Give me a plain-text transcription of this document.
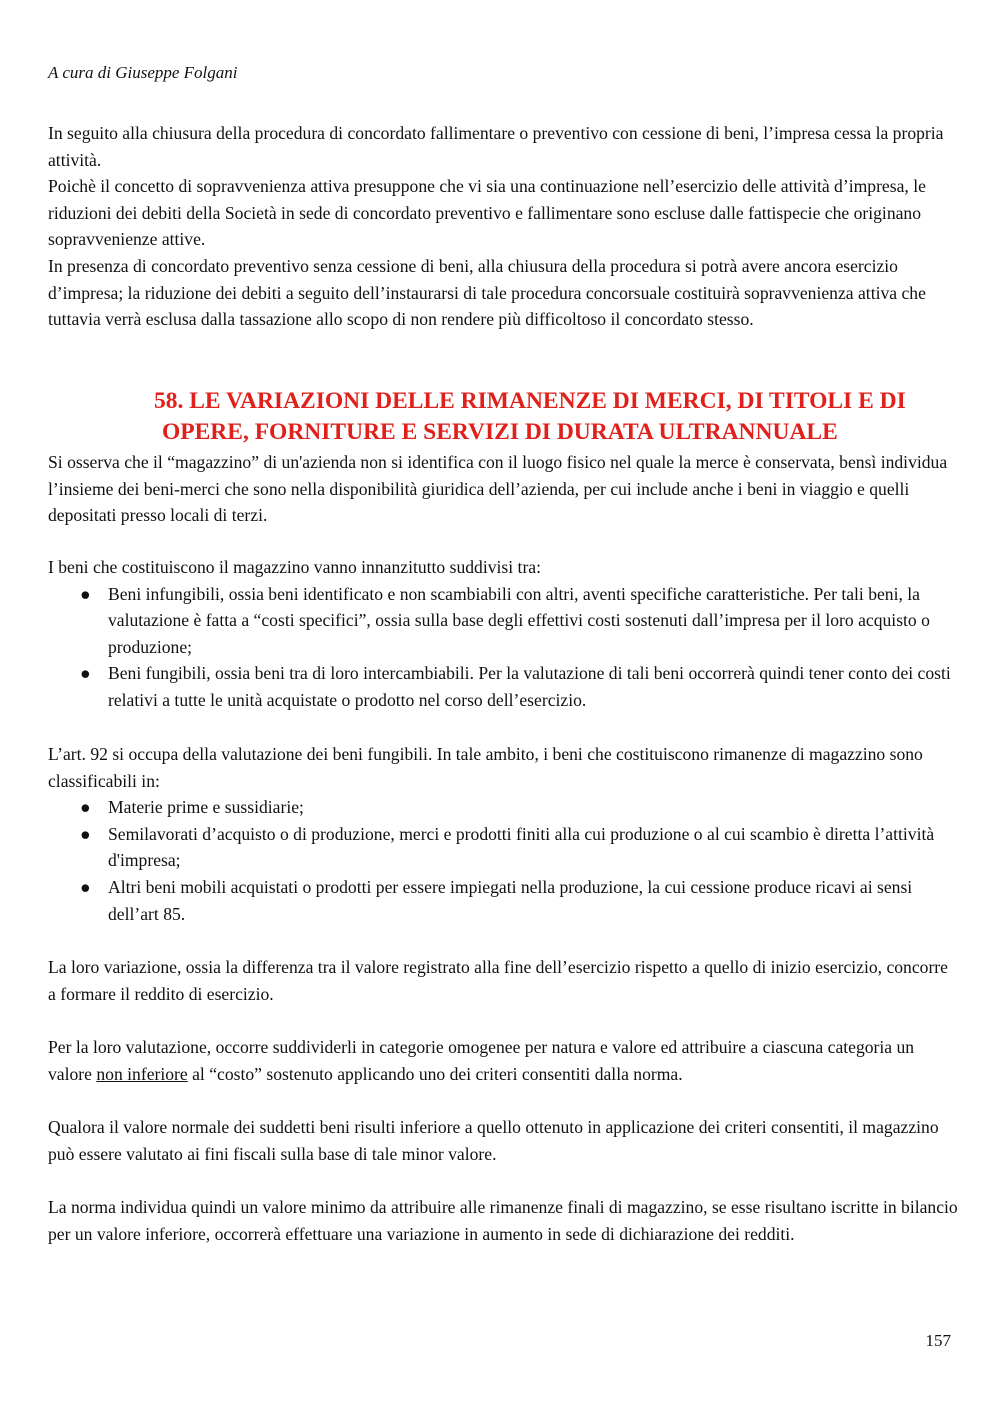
A cura di Giuseppe Folgani

In seguito alla chiusura della procedura di concordato fallimentare o preventivo con cessione di beni, l’impresa cessa la propria attività.

Poichè il concetto di sopravvenienza attiva presuppone che vi sia una continuazione nell’esercizio delle attività d’impresa, le riduzioni dei debiti della Società in sede di concordato preventivo e fallimentare sono escluse dalle fattispecie che originano sopravvenienze attive.

In presenza di concordato preventivo senza cessione di beni, alla chiusura della procedura si potrà avere ancora esercizio d’impresa; la riduzione dei debiti a seguito dell’instaurarsi di tale procedura concorsuale costituirà sopravvenienza attiva che tuttavia verrà esclusa dalla tassazione allo scopo di non rendere più difficoltoso il concordato stesso.

58. LE VARIAZIONI DELLE RIMANENZE DI MERCI, DI TITOLI E DI
OPERE, FORNITURE E SERVIZI DI DURATA ULTRANNUALE

Si osserva che il “magazzino” di un'azienda non si identifica con il luogo fisico nel quale la merce è conservata, bensì individua l’insieme dei beni-merci che sono nella disponibilità giuridica dell’azienda, per cui include anche i beni in viaggio e quelli depositati presso locali di terzi.

I beni che costituiscono il magazzino vanno innanzitutto suddivisi tra:

● Beni infungibili, ossia beni identificato e non scambiabili con altri, aventi specifiche caratteristiche. Per tali beni, la valutazione è fatta a “costi specifici”, ossia sulla base degli effettivi costi sostenuti dall’impresa per il loro acquisto o produzione;
● Beni fungibili, ossia beni tra di loro intercambiabili. Per la valutazione di tali beni occorrerà quindi tener conto dei costi relativi a tutte le unità acquistate o prodotto nel corso dell’esercizio.

L’art. 92 si occupa della valutazione dei beni fungibili. In tale ambito, i beni che costituiscono rimanenze di magazzino sono classificabili in:

● Materie prime e sussidiarie;
● Semilavorati d’acquisto o di produzione, merci e prodotti finiti alla cui produzione o al cui scambio è diretta l’attività d'impresa;
● Altri beni mobili acquistati o prodotti per essere impiegati nella produzione, la cui cessione produce ricavi ai sensi dell’art 85.

La loro variazione, ossia la differenza tra il valore registrato alla fine dell’esercizio rispetto a quello di inizio esercizio, concorre a formare il reddito di esercizio.

Per la loro valutazione, occorre suddividerli in categorie omogenee per natura e valore ed attribuire a ciascuna categoria un valore non inferiore al “costo” sostenuto applicando uno dei criteri consentiti dalla norma.

Qualora il valore normale dei suddetti beni risulti inferiore a quello ottenuto in applicazione dei criteri consentiti, il magazzino può essere valutato ai fini fiscali sulla base di tale minor valore.

La norma individua quindi un valore minimo da attribuire alle rimanenze finali di magazzino, se esse risultano iscritte in bilancio per un valore inferiore, occorrerà effettuare una variazione in aumento in sede di dichiarazione dei redditi.

157
